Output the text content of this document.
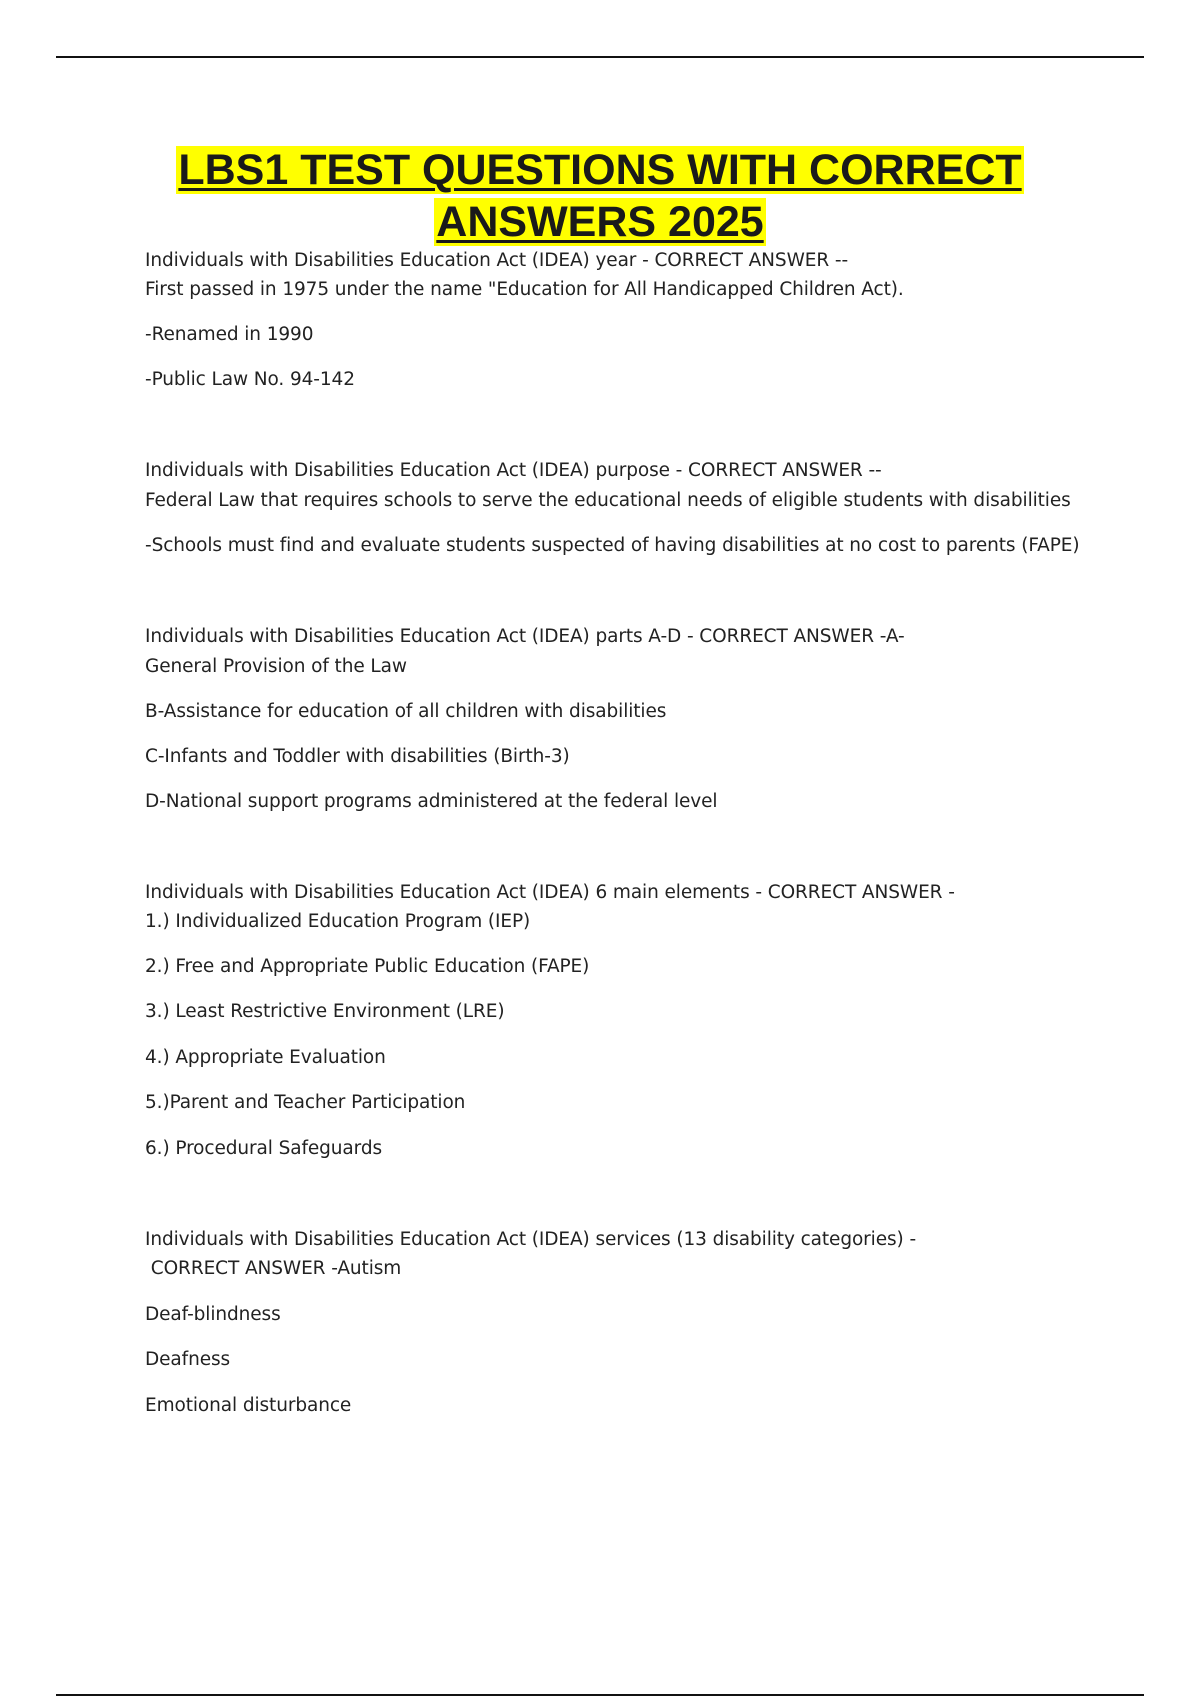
LBS1 TEST QUESTIONS WITH CORRECT
ANSWERS 2025
Individuals with Disabilities Education Act (IDEA) year - CORRECT ANSWER --
First passed in 1975 under the name "Education for All Handicapped Children Act).
-Renamed in 1990
-Public Law No. 94-142
Individuals with Disabilities Education Act (IDEA) purpose - CORRECT ANSWER --
Federal Law that requires schools to serve the educational needs of eligible students with disabilities
-Schools must find and evaluate students suspected of having disabilities at no cost to parents (FAPE)
Individuals with Disabilities Education Act (IDEA) parts A-D - CORRECT ANSWER -A-
General Provision of the Law
B-Assistance for education of all children with disabilities
C-Infants and Toddler with disabilities (Birth-3)
D-National support programs administered at the federal level
Individuals with Disabilities Education Act (IDEA) 6 main elements - CORRECT ANSWER -
1.) Individualized Education Program (IEP)
2.) Free and Appropriate Public Education (FAPE)
3.) Least Restrictive Environment (LRE)
4.) Appropriate Evaluation
5.)Parent and Teacher Participation
6.) Procedural Safeguards
Individuals with Disabilities Education Act (IDEA) services (13 disability categories) -
CORRECT ANSWER -Autism
Deaf-blindness
Deafness
Emotional disturbance
